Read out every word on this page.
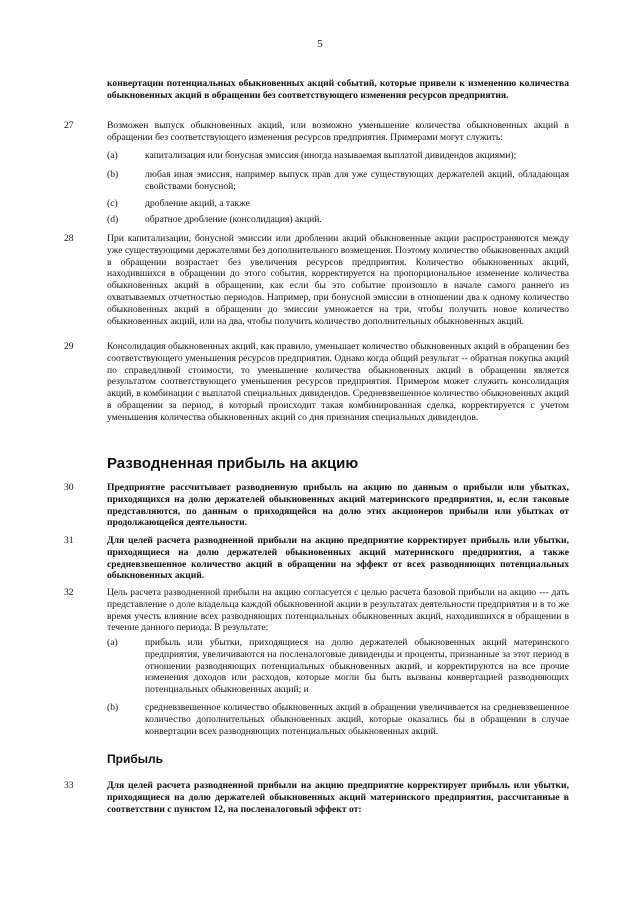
5
конвертации потенциальных обыкновенных акций событий, которые привели к изменению количества обыкновенных акций в обращении без соответствующего изменения ресурсов предприятия.
27	Возможен выпуск обыкновенных акций, или возможно уменьшение количества обыкновенных акций в обращении без соответствующего изменения ресурсов предприятия. Примерами могут служить:
(a)	капитализация или бонусная эмиссия (иногда называемая выплатой дивидендов акциями);
(b)	любая иная эмиссия, например выпуск прав для уже существующих держателей акций, обладающая свойствами бонусной;
(c)	дробление акций, а также
(d)	обратное дробление (консолидация) акций.
28	При капитализации, бонусной эмиссии или дроблении акций обыкновенные акции распространяются между уже существующими держателями без дополнительного возмещения. Поэтому количество обыкновенных акций в обращении возрастает без увеличения ресурсов предприятия. Количество обыкновенных акций, находившихся в обращении до этого события, корректируется на пропорциональное изменение количества обыкновенных акций в обращении, как если бы это событие произошло в начале самого раннего из охватываемых отчетностью периодов. Например, при бонусной эмиссии в отношении два к одному количество обыкновенных акций в обращении до эмиссии умножается на три, чтобы получить новое количество обыкновенных акций, или на два, чтобы получить количество дополнительных обыкновенных акций.
29	Консолидация обыкновенных акций, как правило, уменьшает количество обыкновенных акций в обращении без соответствующего уменьшения ресурсов предприятия. Однако когда общий результат -- обратная покупка акций по справедливой стоимости, то уменьшение количества обыкновенных акций в обращении является результатом соответствующего уменьшения ресурсов предприятия. Примером может служить консолидация акций, в комбинации с выплатой специальных дивидендов. Средневзвешенное количество обыкновенных акций в обращении за период, в который происходит такая комбинированная сделка, корректируется с учетом уменьшения количества обыкновенных акций со дня признания специальных дивидендов.
Разводненная прибыль на акцию
30	Предприятие рассчитывает разводненную прибыль на акцию по данным о прибыли или убытках, приходящихся на долю держателей обыкновенных акций материнского предприятия, и, если таковые представляются, по данным о приходящейся на долю этих акционеров прибыли или убытках от продолжающейся деятельности.
31	Для целей расчета разводненной прибыли на акцию предприятие корректирует прибыль или убытки, приходящиеся на долю держателей обыкновенных акций материнского предприятия, а также средневзвешенное количество акций в обращении на эффект от всех разводняющих потенциальных обыкновенных акций.
32	Цель расчета разводненной прибыли на акцию согласуется с целью расчета базовой прибыли на акцию --- дать представление о доле владельца каждой обыкновенной акции в результатах деятельности предприятия и в то же время учесть влияние всех разводняющих потенциальных обыкновенных акций, находившихся в обращении в течение данного периода. В результате:
(a)	прибыль или убытки, приходящиеся на долю держателей обыкновенных акций материнского предприятия, увеличиваются на посленалоговые дивиденды и проценты, признанные за этот период в отношении разводняющих потенциальных обыкновенных акций, и корректируются на все прочие изменения доходов или расходов, которые могли бы быть вызваны конвертацией разводняющих потенциальных обыкновенных акций; и
(b)	средневзвешенное количество обыкновенных акций в обращении увеличивается на средневзвешенное количество дополнительных обыкновенных акций, которые оказались бы в обращении в случае конвертации всех разводняющих потенциальных обыкновенных акций.
Прибыль
33	Для целей расчета разводненной прибыли на акцию предприятие корректирует прибыль или убытки, приходящиеся на долю держателей обыкновенных акций материнского предприятия, рассчитанные в соответствии с пунктом 12, на посленалоговый эффект от:
